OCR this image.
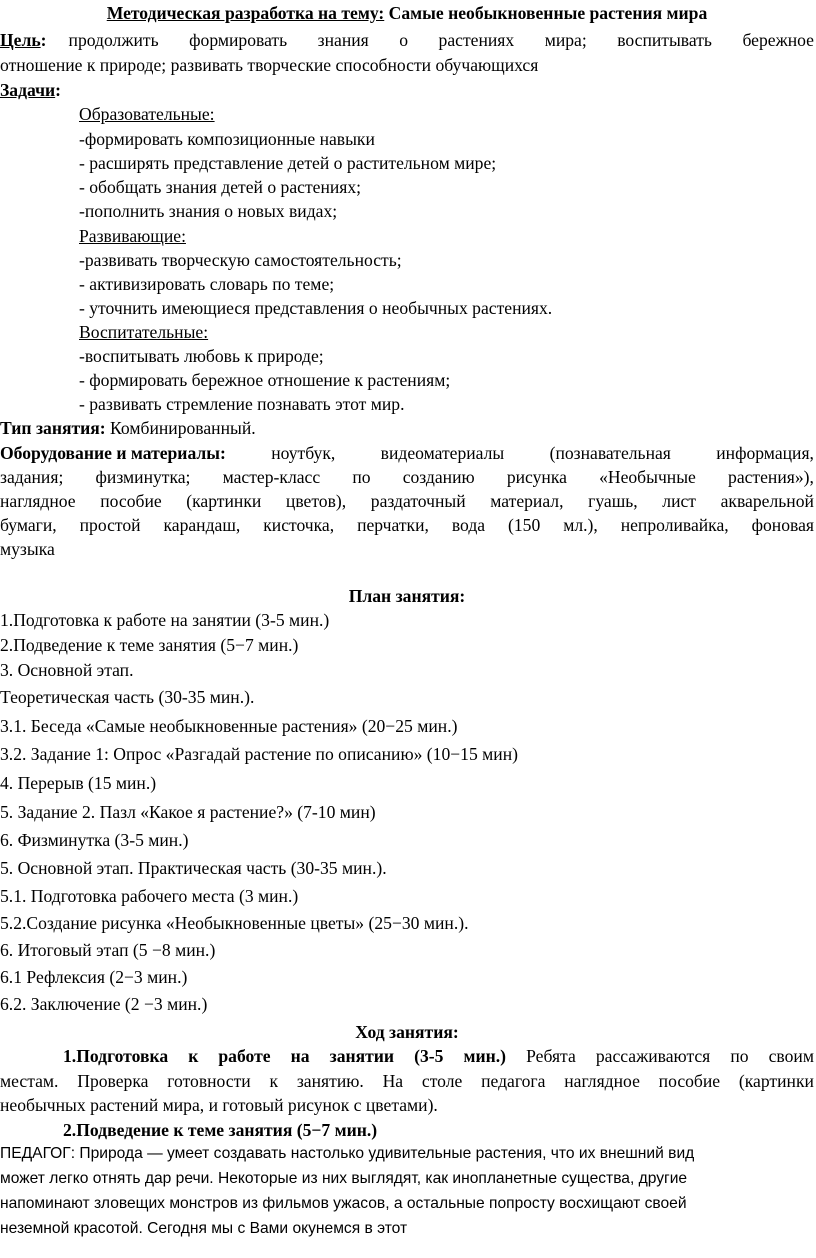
Методическая разработка на тему: Самые необыкновенные растения мира
Цель: продолжить формировать знания о растениях мира; воспитывать бережное
отношение к природе; развивать творческие способности обучающихся
Задачи:
Образовательные:
-формировать композиционные навыки
- расширять представление детей о растительном мире;
- обобщать знания детей о растениях;
-пополнить знания о новых видах;
Развивающие:
-развивать творческую самостоятельность;
- активизировать словарь по теме;
- уточнить имеющиеся представления о необычных растениях.
Воспитательные:
-воспитывать любовь к природе;
- формировать бережное отношение к растениям;
- развивать стремление познавать этот мир.
Тип занятия: Комбинированный.
Оборудование и материалы:	ноутбук,	видеоматериалы	(познавательная	информация,
задания; физминутка; мастер-класс по созданию рисунка «Необычные растения»),
наглядное пособие (картинки цветов), раздаточный материал, гуашь, лист акварельной
бумаги, простой карандаш, кисточка, перчатки, вода (150 мл.), непроливайка, фоновая
музыка
План занятия:
1.Подготовка к работе на занятии (3-5 мин.)
2.Подведение к теме занятия (5−7 мин.)
3. Основной этап.
Теоретическая часть (30-35 мин.).
3.1. Беседа «Самые необыкновенные растения» (20−25 мин.)
3.2. Задание 1: Опрос «Разгадай растение по описанию» (10−15 мин)
4. Перерыв (15 мин.)
5. Задание 2. Пазл «Какое я растение?» (7-10 мин)
6. Физминутка (3-5 мин.)
5. Основной этап. Практическая часть (30-35 мин.).
5.1. Подготовка рабочего места (3 мин.)
5.2.Создание рисунка «Необыкновенные цветы» (25−30 мин.).
6. Итоговый этап (5 −8 мин.)
6.1 Рефлексия (2−3 мин.)
6.2. Заключение (2 −3 мин.)
Ход занятия:
1.Подготовка к работе на занятии (3-5 мин.) Ребята рассаживаются по своим
местам. Проверка готовности к занятию. На столе педагога наглядное пособие (картинки
необычных растений мира, и готовый рисунок с цветами).
2.Подведение к теме занятия (5−7 мин.)
ПЕДАГОГ: Природа — умеет создавать настолько удивительные растения, что их внешний вид
может легко отнять дар речи. Некоторые из них выглядят, как инопланетные существа, другие
напоминают зловещих монстров из фильмов ужасов, а остальные попросту восхищают своей
неземной красотой. Сегодня мы с Вами окунемся в этот
